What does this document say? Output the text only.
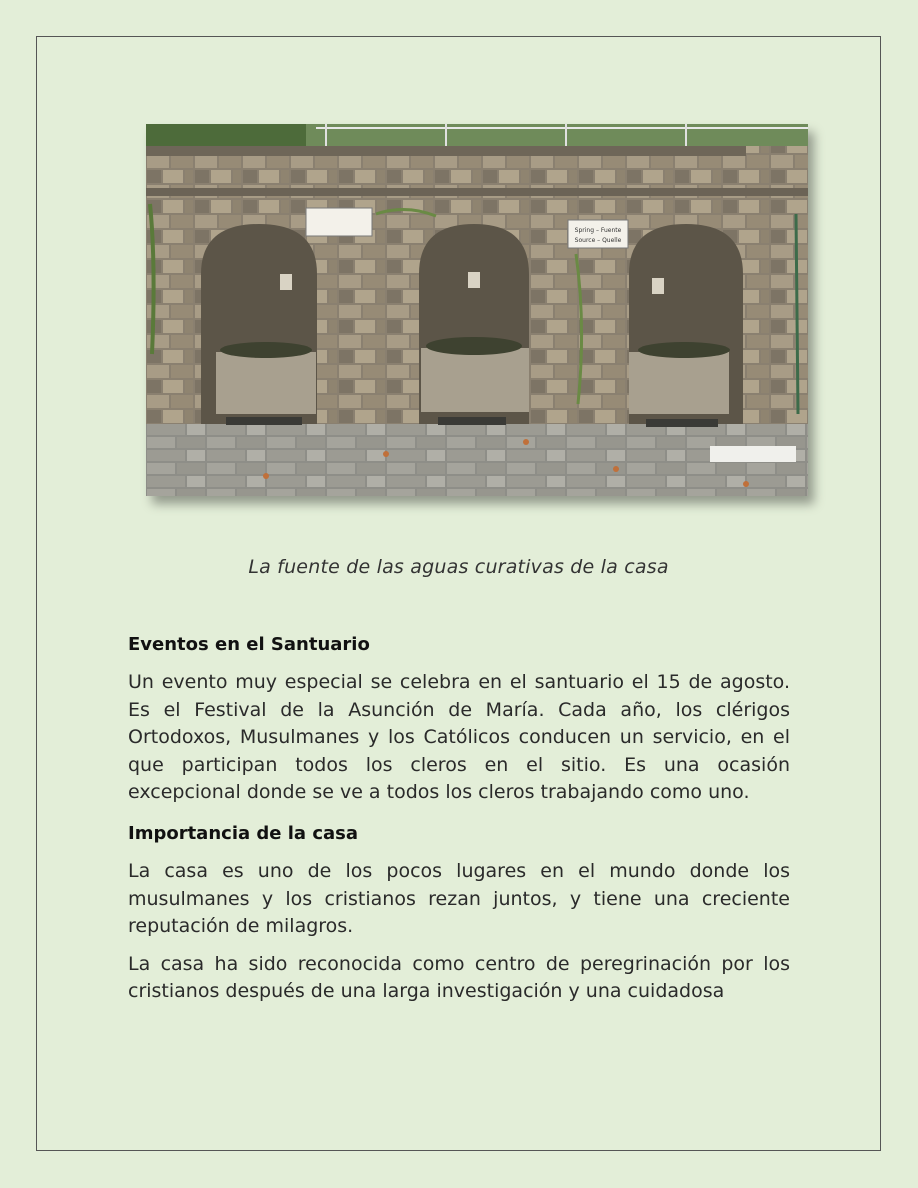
Spring – Fuente
Source – Quelle
La fuente de las aguas curativas de la casa
Eventos en el Santuario

Un evento muy especial se celebra en el santuario el 15 de agosto. Es el Festival de la Asunción de María. Cada año, los clérigos Ortodoxos, Musulmanes y los Católicos conducen un servicio, en el que participan todos los cleros en el sitio. Es una ocasión excepcional donde se ve a todos los cleros trabajando como uno.

Importancia de la casa

La casa es uno de los pocos lugares en el mundo donde los musulmanes y los cristianos rezan juntos, y tiene una creciente reputación de milagros.

La casa ha sido reconocida como centro de peregrinación por los cristianos después de una larga investigación y una cuidadosa
